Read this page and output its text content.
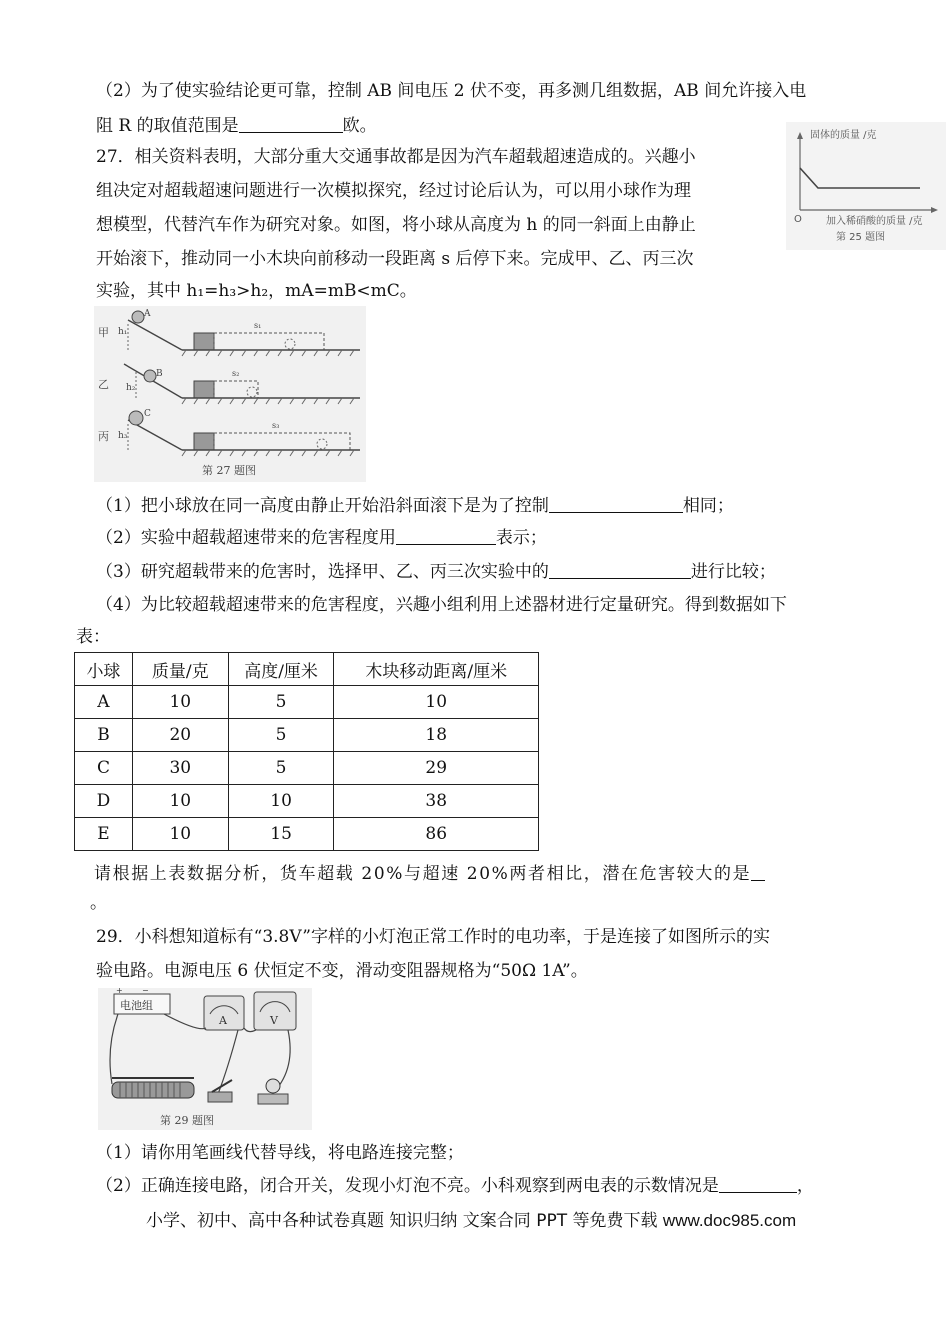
（2）为了使实验结论更可靠，控制 AB 间电压 2 伏不变，再多测几组数据，AB 间允许接入电
阻 R 的取值范围是	欧。	固体的质量 /克
O 加入稀硝酸的质量 /克
第 25 题图
27．相关资料表明，大部分重大交通事故都是因为汽车超载超速造成的。兴趣小
组决定对超载超速问题进行一次模拟探究，经过讨论后认为，可以用小球作为理
想模型，代替汽车作为研究对象。如图，将小球从高度为 h 的同一斜面上由静止
开始滚下，推动同一小木块向前移动一段距离 s 后停下来。完成甲、乙、丙三次
实验，其中 h₁=h₃>h₂，mA=mB<mC。
甲 h₁
A
s₁
乙 h₂
B	s₂
丙 h₃
C
s₃
第 27 题图
（1）把小球放在同一高度由静止开始沿斜面滚下是为了控制	相同；
（2）实验中超载超速带来的危害程度用	表示；
（3）研究超载带来的危害时，选择甲、乙、丙三次实验中的	进行比较；
（4）为比较超载超速带来的危害程度，兴趣小组利用上述器材进行定量研究。得到数据如下
表：
小球	质量/克	高度/厘米	木块移动距离/厘米
A	10	5	10
B	20	5	18
C	30	5	29
D	10	10	38
E	10	15	86
请根据上表数据分析，货车超载 20%与超速 20%两者相比，潜在危害较大的是
。
29．小科想知道标有“3.8V”字样的小灯泡正常工作时的电功率，于是连接了如图所示的实
验电路。电源电压 6 伏恒定不变，滑动变阻器规格为“50Ω 1A”。
电池组
+ −
A	V
第 29 题图
（1）请你用笔画线代替导线，将电路连接完整；
（2）正确连接电路，闭合开关，发现小灯泡不亮。小科观察到两电表的示数情况是	，
小学、初中、高中各种试卷真题 知识归纳 文案合同 PPT 等免费下载 www.doc985.com
